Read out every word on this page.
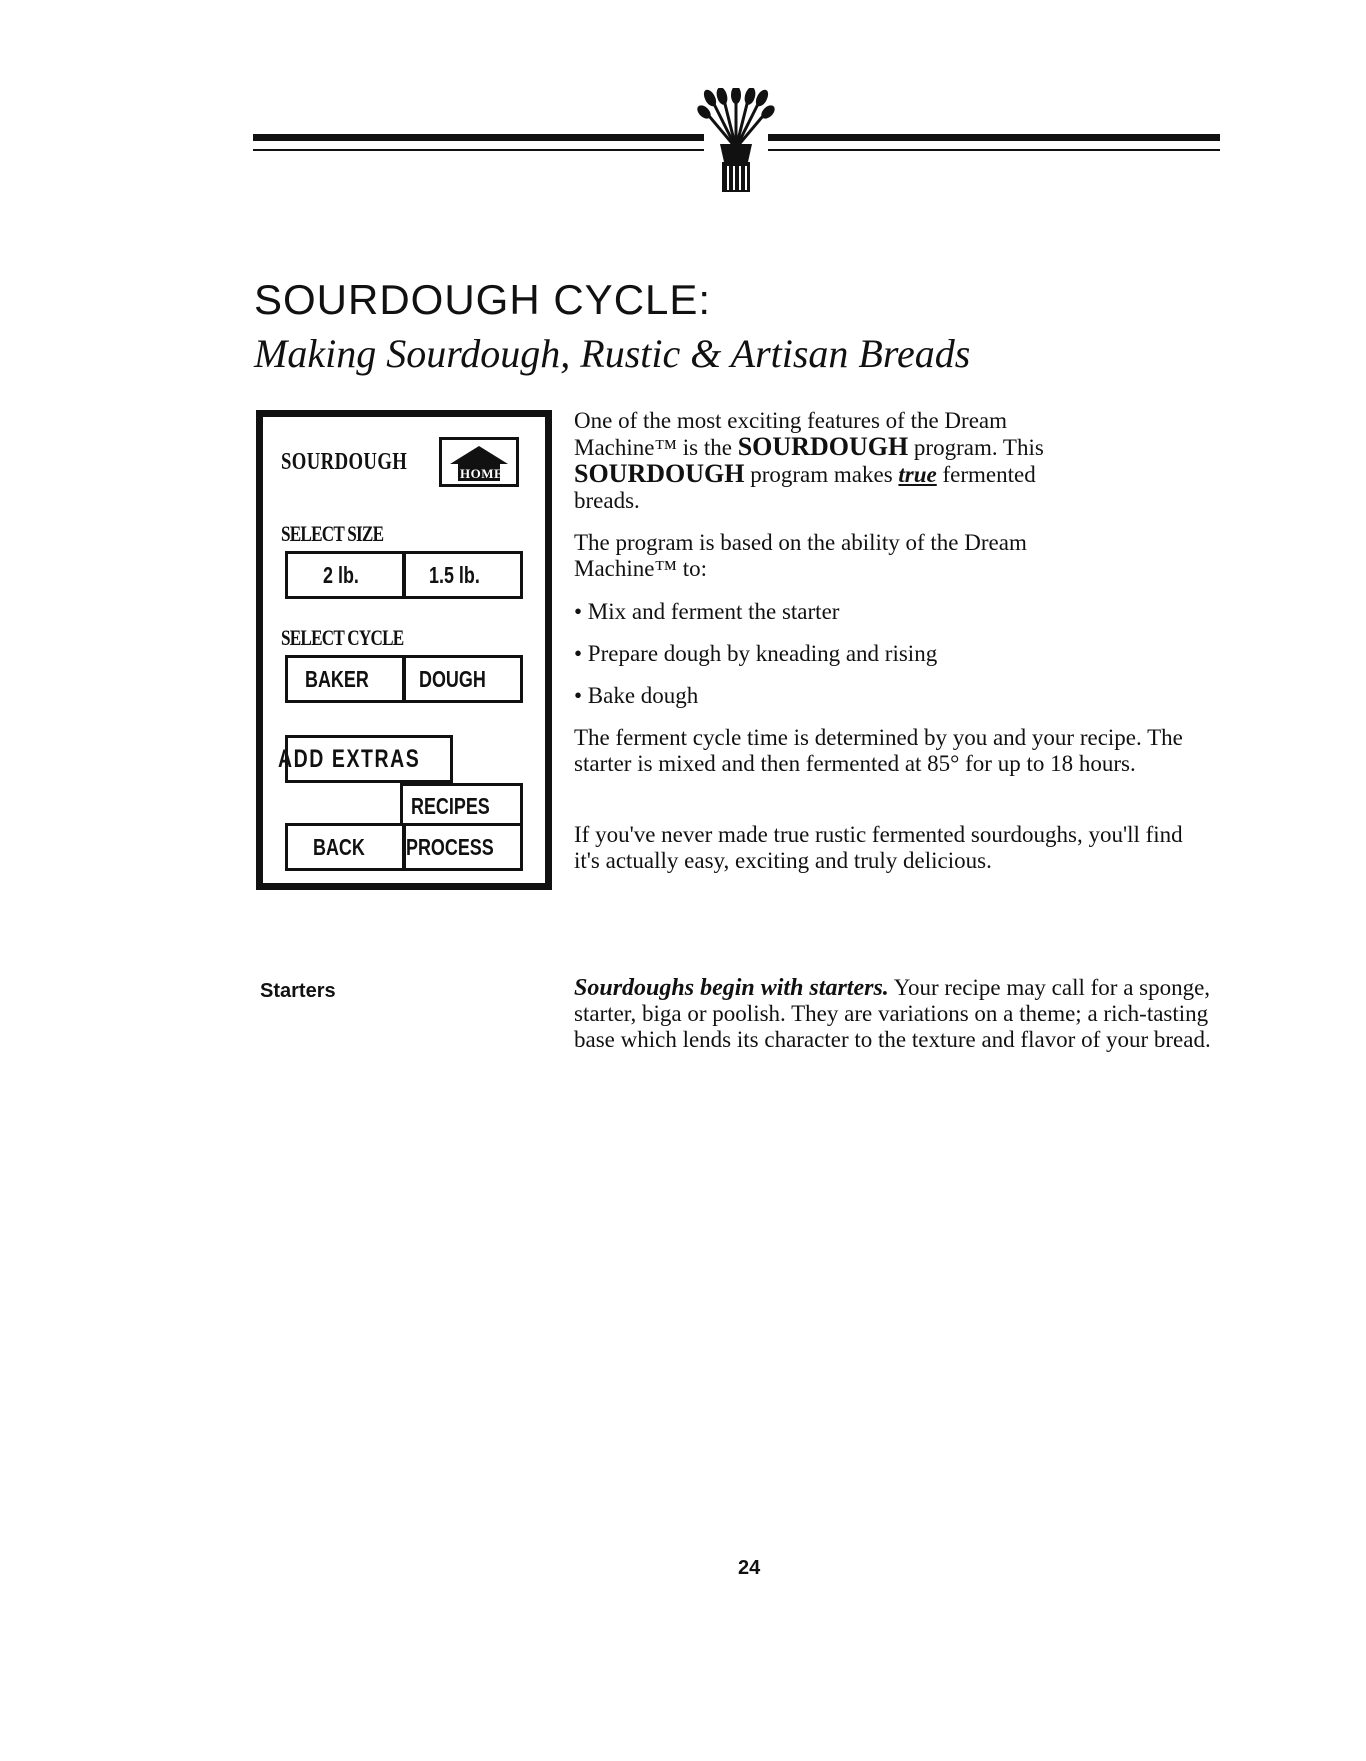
SOURDOUGH CYCLE:
Making Sourdough, Rustic & Artisan Breads
SOURDOUGH	HOME
SELECT SIZE
2 lb.	1.5 lb.
SELECT CYCLE
BAKER DOUGH
ADD EXTRAS
RECIPES
BACK PROCESS

One of the most exciting features of the Dream Machine™ is the SOURDOUGH program. This SOURDOUGH program makes true fermented breads.

The program is based on the ability of the Dream Machine™ to:

• Mix and ferment the starter

• Prepare dough by kneading and rising

• Bake dough

The ferment cycle time is determined by you and your recipe. The starter is mixed and then fermented at 85° for up to 18 hours.

If you've never made true rustic fermented sourdoughs, you'll find it's actually easy, exciting and truly delicious.

Starters	Sourdoughs begin with starters. Your recipe may call for a sponge, starter, biga or poolish. They are variations on a theme; a rich-tasting base which lends its character to the texture and flavor of your bread.

24
